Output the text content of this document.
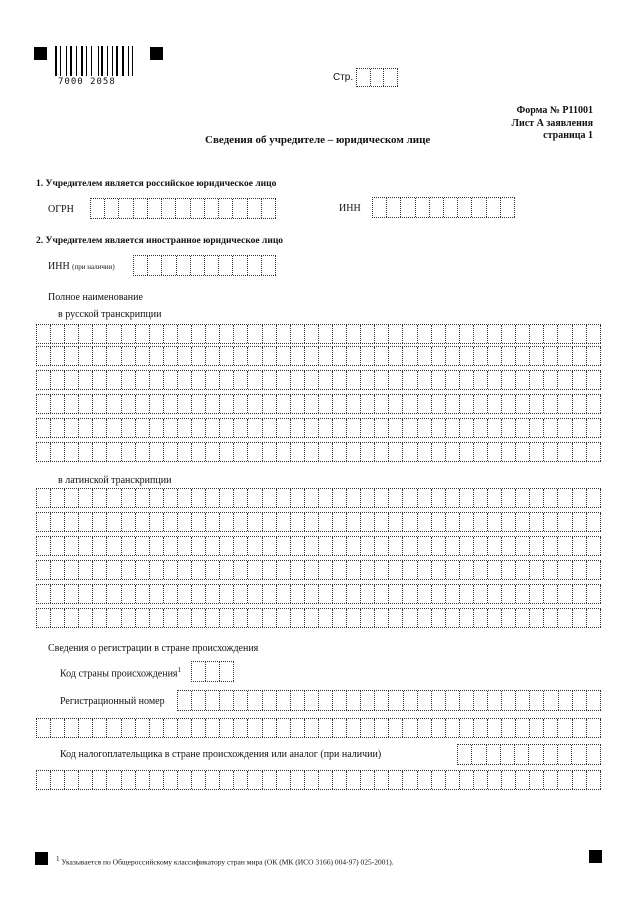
7000 2058	Стр.
Форма № Р11001
Лист А заявления
страница 1
Сведения об учредителе – юридическом лице
1. Учредителем является российское юридическое лицо
ОГРН	ИНН
2. Учредителем является иностранное юридическое лицо
ИНН (при наличии)
Полное наименование
в русской транскрипции
в латинской транскрипции
Сведения о регистрации в стране происхождения
Код страны происхождения$^1$
Регистрационный номер
Код налогоплательщика в стране происхождения или аналог (при наличии)
1 Указывается по Общероссийскому классификатору стран мира (ОК (МК (ИСО 3166) 004-97) 025-2001).
